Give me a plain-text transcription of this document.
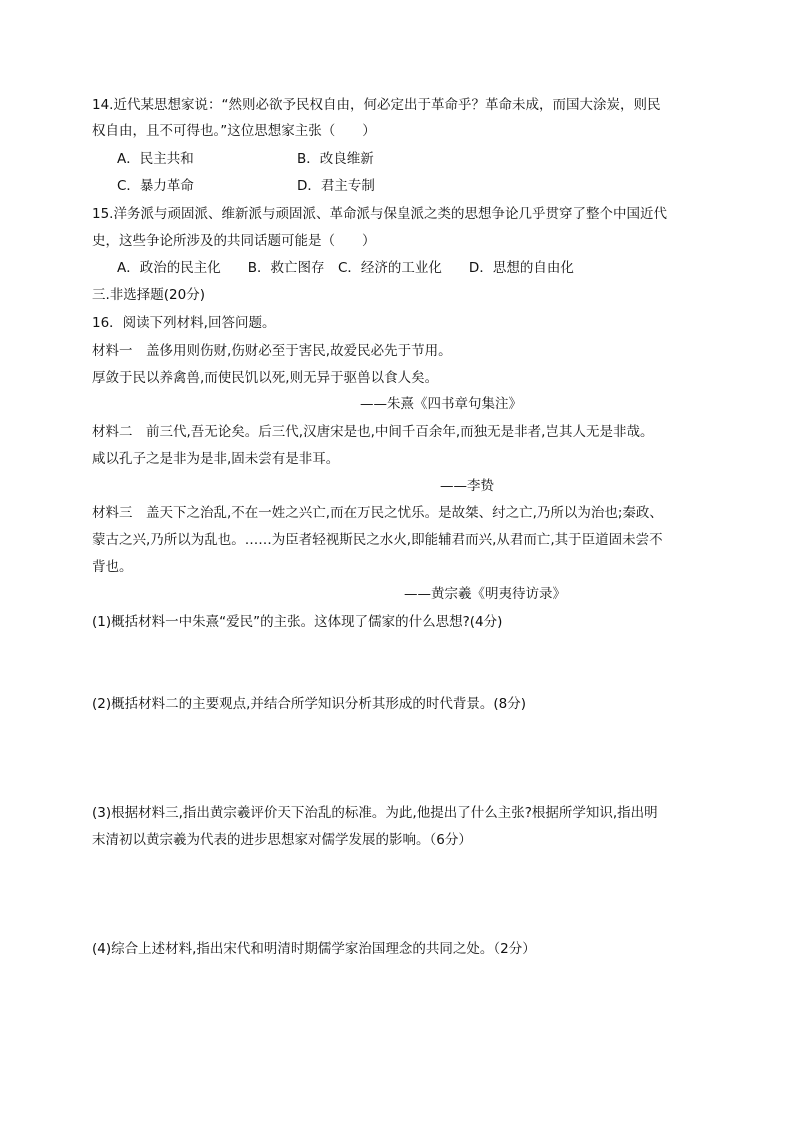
14.近代某思想家说：“然则必欲予民权自由，何必定出于革命乎？革命未成，而国大涂炭，则民
权自由，且不可得也。”这位思想家主张（　　）
A．民主共和	B．改良维新
C．暴力革命	D．君主专制
15.洋务派与顽固派、维新派与顽固派、革命派与保皇派之类的思想争论几乎贯穿了整个中国近代
史，这些争论所涉及的共同话题可能是（　　）
A．政治的民主化　　B．救亡图存　C．经济的工业化　　D．思想的自由化
三.非选择题(20分)
16．阅读下列材料,回答问题。
材料一　盖侈用则伤财,伤财必至于害民,故爱民必先于节用。
厚敛于民以养禽兽,而使民饥以死,则无异于驱兽以食人矣。
——朱熹《四书章句集注》
材料二　前三代,吾无论矣。后三代,汉唐宋是也,中间千百余年,而独无是非者,岂其人无是非哉。
咸以孔子之是非为是非,固未尝有是非耳。
——李贽
材料三　盖天下之治乱,不在一姓之兴亡,而在万民之忧乐。是故桀、纣之亡,乃所以为治也;秦政、
蒙古之兴,乃所以为乱也。……为臣者轻视斯民之水火,即能辅君而兴,从君而亡,其于臣道固未尝不
背也。
——黄宗羲《明夷待访录》
(1)概括材料一中朱熹“爱民”的主张。这体现了儒家的什么思想?(4分)
(2)概括材料二的主要观点,并结合所学知识分析其形成的时代背景。(8分)
(3)根据材料三,指出黄宗羲评价天下治乱的标准。为此,他提出了什么主张?根据所学知识,指出明
末清初以黄宗羲为代表的进步思想家对儒学发展的影响。（6分）
(4)综合上述材料,指出宋代和明清时期儒学家治国理念的共同之处。（2分）
